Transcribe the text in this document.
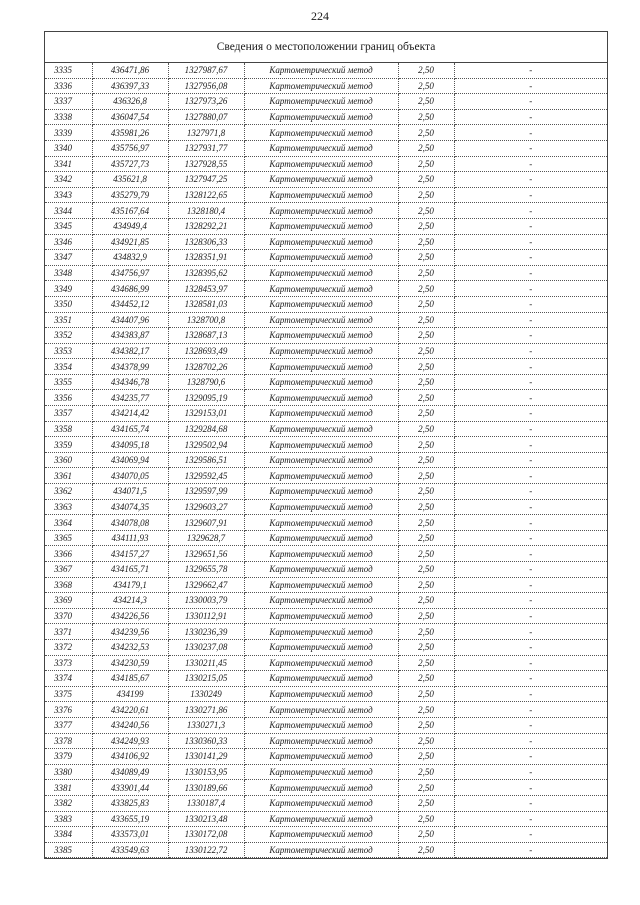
224
Сведения о местоположении границ объекта
3335	436471,86	1327987,67	Картометрический метод	2,50	-
3336	436397,33	1327956,08	Картометрический метод	2,50	-
3337	436326,8	1327973,26	Картометрический метод	2,50	-
3338	436047,54	1327880,07	Картометрический метод	2,50	-
3339	435981,26	1327971,8	Картометрический метод	2,50	-
3340	435756,97	1327931,77	Картометрический метод	2,50	-
3341	435727,73	1327928,55	Картометрический метод	2,50	-
3342	435621,8	1327947,25	Картометрический метод	2,50	-
3343	435279,79	1328122,65	Картометрический метод	2,50	-
3344	435167,64	1328180,4	Картометрический метод	2,50	-
3345	434949,4	1328292,21	Картометрический метод	2,50	-
3346	434921,85	1328306,33	Картометрический метод	2,50	-
3347	434832,9	1328351,91	Картометрический метод	2,50	-
3348	434756,97	1328395,62	Картометрический метод	2,50	-
3349	434686,99	1328453,97	Картометрический метод	2,50	-
3350	434452,12	1328581,03	Картометрический метод	2,50	-
3351	434407,96	1328700,8	Картометрический метод	2,50	-
3352	434383,87	1328687,13	Картометрический метод	2,50	-
3353	434382,17	1328693,49	Картометрический метод	2,50	-
3354	434378,99	1328702,26	Картометрический метод	2,50	-
3355	434346,78	1328790,6	Картометрический метод	2,50	-
3356	434235,77	1329095,19	Картометрический метод	2,50	-
3357	434214,42	1329153,01	Картометрический метод	2,50	-
3358	434165,74	1329284,68	Картометрический метод	2,50	-
3359	434095,18	1329502,94	Картометрический метод	2,50	-
3360	434069,94	1329586,51	Картометрический метод	2,50	-
3361	434070,05	1329592,45	Картометрический метод	2,50	-
3362	434071,5	1329597,99	Картометрический метод	2,50	-
3363	434074,35	1329603,27	Картометрический метод	2,50	-
3364	434078,08	1329607,91	Картометрический метод	2,50	-
3365	434111,93	1329628,7	Картометрический метод	2,50	-
3366	434157,27	1329651,56	Картометрический метод	2,50	-
3367	434165,71	1329655,78	Картометрический метод	2,50	-
3368	434179,1	1329662,47	Картометрический метод	2,50	-
3369	434214,3	1330003,79	Картометрический метод	2,50	-
3370	434226,56	1330112,91	Картометрический метод	2,50	-
3371	434239,56	1330236,39	Картометрический метод	2,50	-
3372	434232,53	1330237,08	Картометрический метод	2,50	-
3373	434230,59	1330211,45	Картометрический метод	2,50	-
3374	434185,67	1330215,05	Картометрический метод	2,50	-
3375	434199	1330249	Картометрический метод	2,50	-
3376	434220,61	1330271,86	Картометрический метод	2,50	-
3377	434240,56	1330271,3	Картометрический метод	2,50	-
3378	434249,93	1330360,33	Картометрический метод	2,50	-
3379	434106,92	1330141,29	Картометрический метод	2,50	-
3380	434089,49	1330153,95	Картометрический метод	2,50	-
3381	433901,44	1330189,66	Картометрический метод	2,50	-
3382	433825,83	1330187,4	Картометрический метод	2,50	-
3383	433655,19	1330213,48	Картометрический метод	2,50	-
3384	433573,01	1330172,08	Картометрический метод	2,50	-
3385	433549,63	1330122,72	Картометрический метод	2,50	-
